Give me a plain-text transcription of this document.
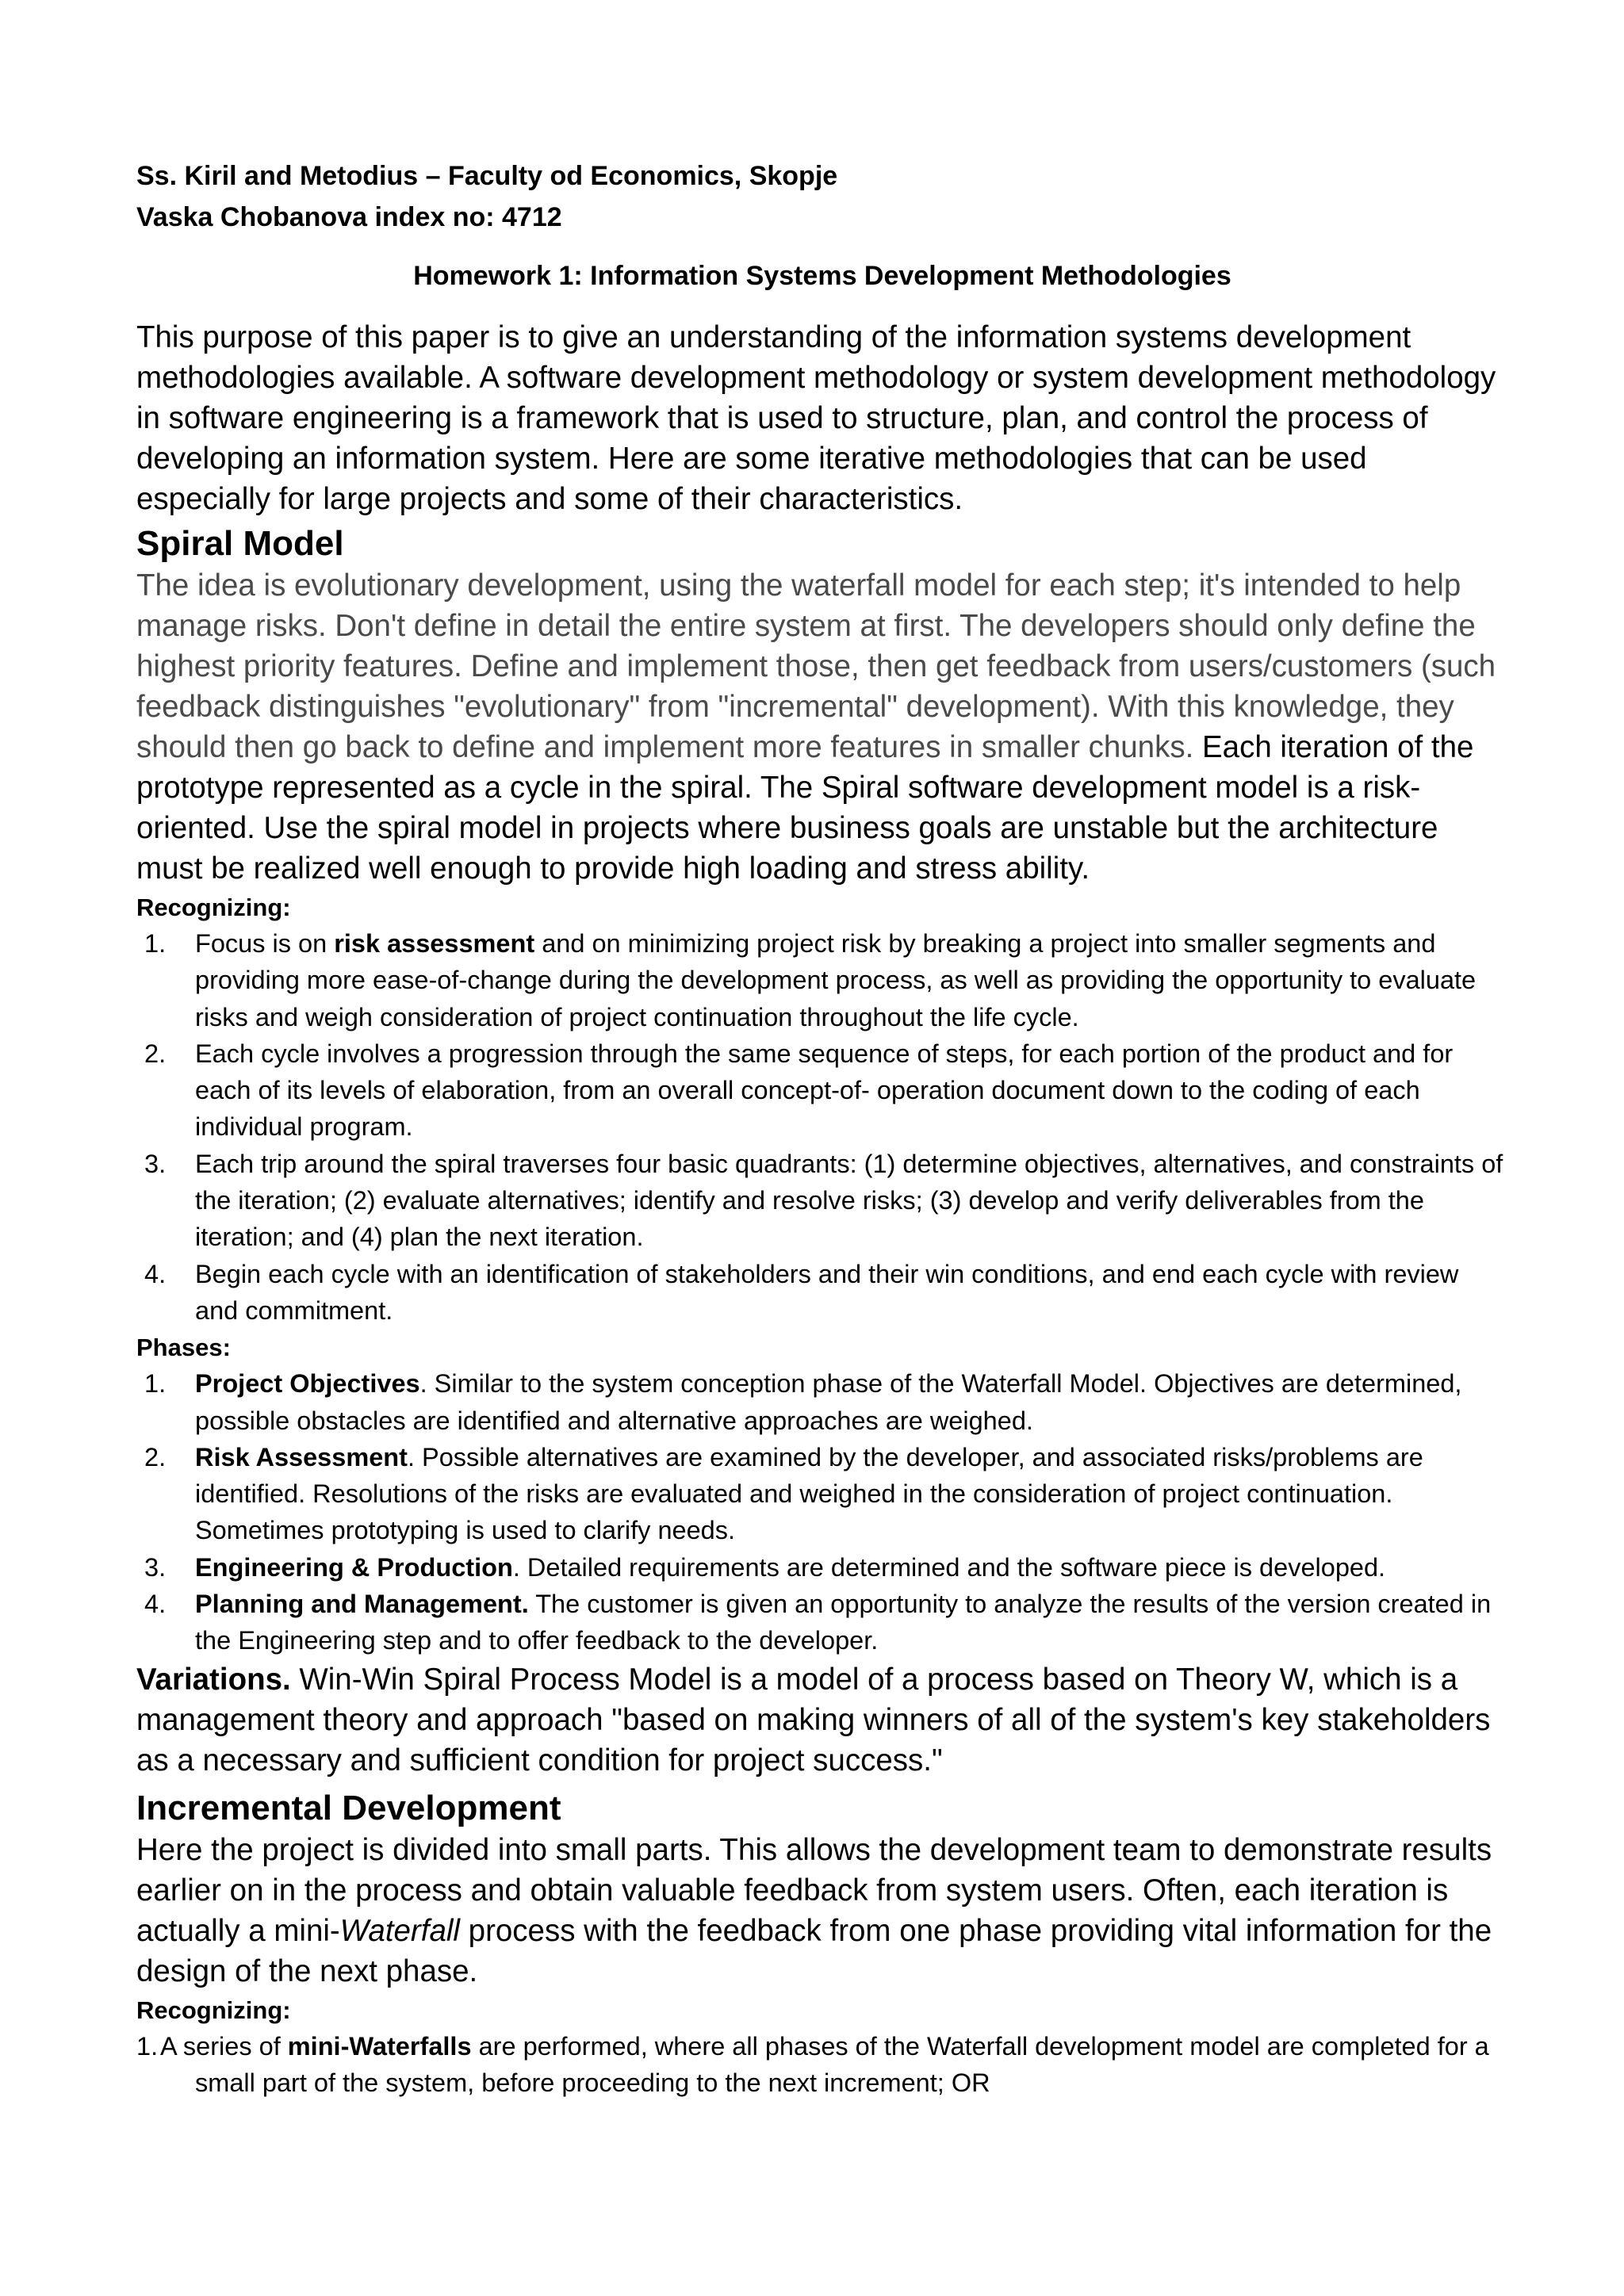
Ss. Kiril and Metodius – Faculty od Economics, Skopje
Vaska Chobanova index no: 4712
Homework 1: Information Systems Development Methodologies

This purpose of this paper is to give an understanding of the information systems development methodologies available. A software development methodology or system development methodology in software engineering is a framework that is used to structure, plan, and control the process of developing an information system. Here are some iterative methodologies that can be used especially for large projects and some of their characteristics.

Spiral Model

The idea is evolutionary development, using the waterfall model for each step; it's intended to help manage risks. Don't define in detail the entire system at first. The developers should only define the highest priority features. Define and implement those, then get feedback from users/customers (such feedback distinguishes "evolutionary" from "incremental" development). With this knowledge, they should then go back to define and implement more features in smaller chunks. Each iteration of the prototype represented as a cycle in the spiral. The Spiral software development model is a risk-oriented. Use the spiral model in projects where business goals are unstable but the architecture must be realized well enough to provide high loading and stress ability.

Recognizing:
1. Focus is on risk assessment and on minimizing project risk by breaking a project into smaller segments and providing more ease-of-change during the development process, as well as providing the opportunity to evaluate risks and weigh consideration of project continuation throughout the life cycle.
2. Each cycle involves a progression through the same sequence of steps, for each portion of the product and for each of its levels of elaboration, from an overall concept-of- operation document down to the coding of each individual program.
3. Each trip around the spiral traverses four basic quadrants: (1) determine objectives, alternatives, and constraints of the iteration; (2) evaluate alternatives; identify and resolve risks; (3) develop and verify deliverables from the iteration; and (4) plan the next iteration.
4. Begin each cycle with an identification of stakeholders and their win conditions, and end each cycle with review and commitment.
Phases:
1. Project Objectives. Similar to the system conception phase of the Waterfall Model. Objectives are determined, possible obstacles are identified and alternative approaches are weighed.
2. Risk Assessment. Possible alternatives are examined by the developer, and associated risks/problems are identified. Resolutions of the risks are evaluated and weighed in the consideration of project continuation. Sometimes prototyping is used to clarify needs.
3. Engineering & Production. Detailed requirements are determined and the software piece is developed.
4. Planning and Management. The customer is given an opportunity to analyze the results of the version created in the Engineering step and to offer feedback to the developer.

Variations. Win-Win Spiral Process Model is a model of a process based on Theory W, which is a management theory and approach "based on making winners of all of the system's key stakeholders as a necessary and sufficient condition for project success."

Incremental Development

Here the project is divided into small parts. This allows the development team to demonstrate results earlier on in the process and obtain valuable feedback from system users. Often, each iteration is actually a mini-Waterfall process with the feedback from one phase providing vital information for the design of the next phase.

Recognizing:
1. A series of mini-Waterfalls are performed, where all phases of the Waterfall development model are completed for a small part of the system, before proceeding to the next increment; OR
